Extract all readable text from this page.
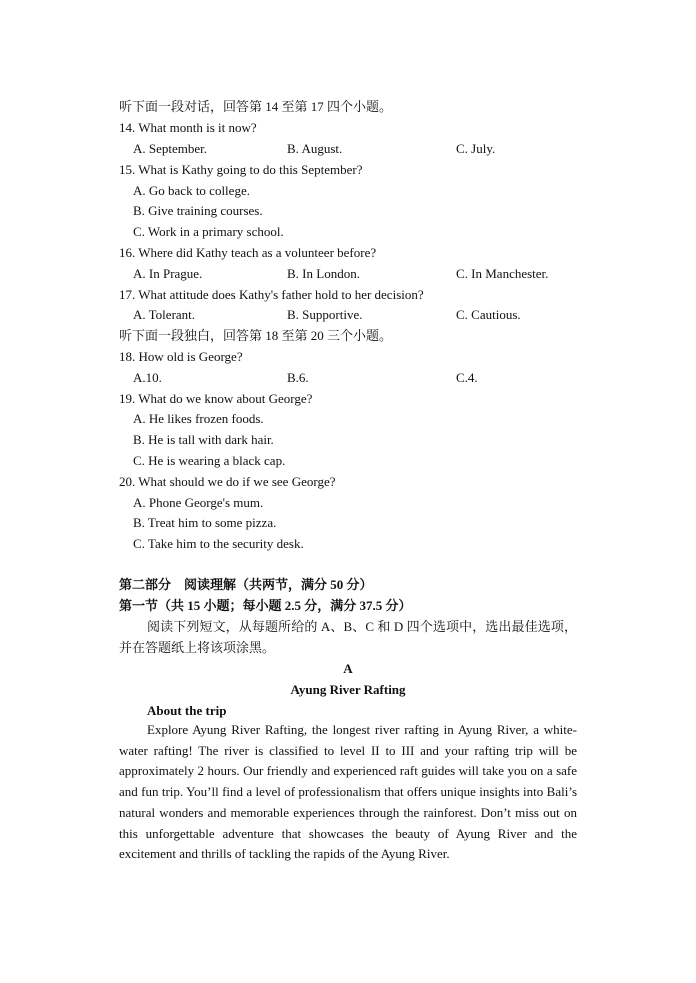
听下面一段对话，回答第 14 至第 17 四个小题。
14. What month is it now?
A. September.	B. August.	C. July.
15. What is Kathy going to do this September?
A. Go back to college.
B. Give training courses.
C. Work in a primary school.
16. Where did Kathy teach as a volunteer before?
A. In Prague.	B. In London.	C. In Manchester.
17. What attitude does Kathy's father hold to her decision?
A. Tolerant.	B. Supportive.	C. Cautious.
听下面一段独白，回答第 18 至第 20 三个小题。
18. How old is George?
A.10.	B.6.	C.4.
19. What do we know about George?
A. He likes frozen foods.
B. He is tall with dark hair.
C. He is wearing a black cap.
20. What should we do if we see George?
A. Phone George's mum.
B. Treat him to some pizza.
C. Take him to the security desk.
第二部分　阅读理解（共两节，满分 50 分）
第一节（共 15 小题；每小题 2.5 分，满分 37.5 分）
阅读下列短文，从每题所给的 A、B、C 和 D 四个选项中，选出最佳选项，并在答题纸上将该项涂黑。
A
Ayung River Rafting
About the trip
Explore Ayung River Rafting, the longest river rafting in Ayung River, a white-water rafting! The river is classified to level II to III and your rafting trip will be approximately 2 hours. Our friendly and experienced raft guides will take you on a safe and fun trip. You’ll find a level of professionalism that offers unique insights into Bali’s natural wonders and memorable experiences through the rainforest. Don’t miss out on this unforgettable adventure that showcases the beauty of Ayung River and the excitement and thrills of tackling the rapids of the Ayung River.
